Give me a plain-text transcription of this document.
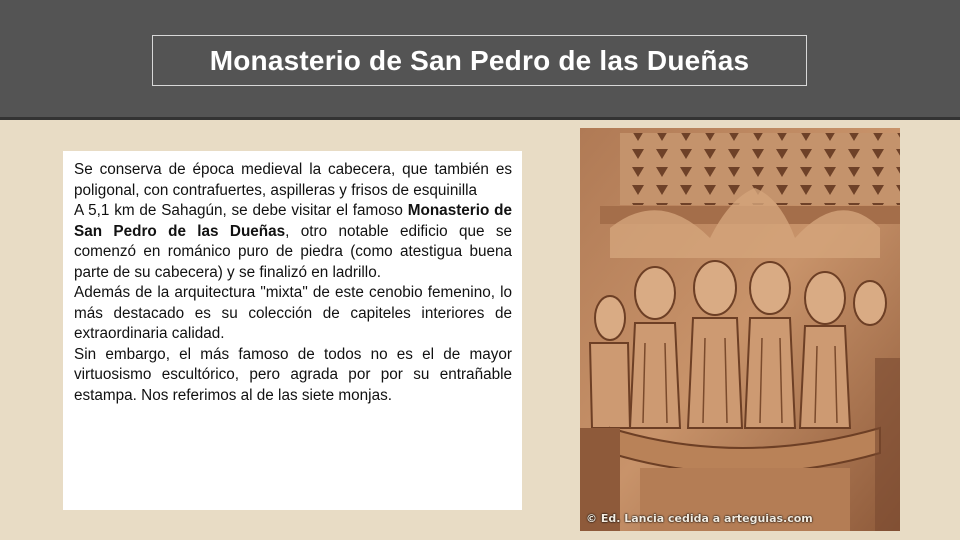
Monasterio de San Pedro de las Dueñas

Se conserva de época medieval la cabecera, que también es poligonal, con contrafuertes, aspilleras y frisos de esquinilla

A 5,1 km de Sahagún, se debe visitar el famoso Monasterio de San Pedro de las Dueñas, otro notable edificio que se comenzó en románico puro de piedra (como atestigua buena parte de su cabecera) y se finalizó en ladrillo.

Además de la arquitectura "mixta" de este cenobio femenino, lo más destacado es su colección de capiteles interiores de extraordinaria calidad.

Sin embargo, el más famoso de todos no es el de mayor virtuosismo escultórico, pero agrada por por su entrañable estampa. Nos referimos al de las siete monjas.

© Ed. Lancia cedida a arteguias.com
